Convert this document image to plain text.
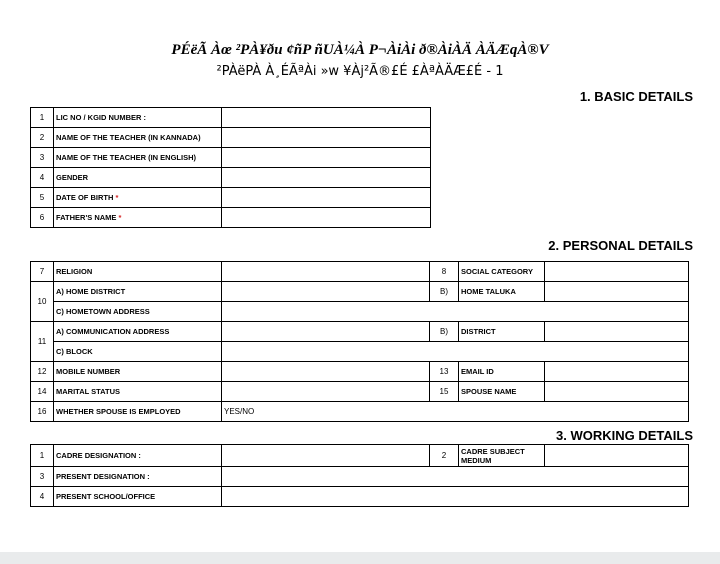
PÉëÃ Àœ ²PÀ¥ðu ¢ñP ñUÀ¼À P¬ÀiÀi ð®ÀiÀÄ ÀÄÆqÀ®V
²PÀëPÀ À¸ÉÃªÀi »w ¥Àj²Ã®£É £ÀªÀÄÆ£É - 1
1. BASIC DETAILS
1	LIC NO / KGID NUMBER :	
2	NAME OF THE TEACHER (IN KANNADA)	
3	NAME OF THE TEACHER (IN ENGLISH)	
4	GENDER	
5	DATE OF BIRTH *	
6	FATHER'S NAME *	
2. PERSONAL DETAILS
7	RELIGION		8	SOCIAL CATEGORY	
10	A) HOME DISTRICT		B)	HOME TALUKA	
	C) HOMETOWN ADDRESS				
11	A) COMMUNICATION ADDRESS		B)	DISTRICT	
	C) BLOCK				
12	MOBILE NUMBER		13	EMAIL ID	
14	MARITAL STATUS		15	SPOUSE NAME	
16	WHETHER SPOUSE IS EMPLOYED	YES/NO			
3. WORKING DETAILS
1	CADRE DESIGNATION :		2	CADRE SUBJECT MEDIUM	
3	PRESENT DESIGNATION :				
4	PRESENT SCHOOL/OFFICE				
